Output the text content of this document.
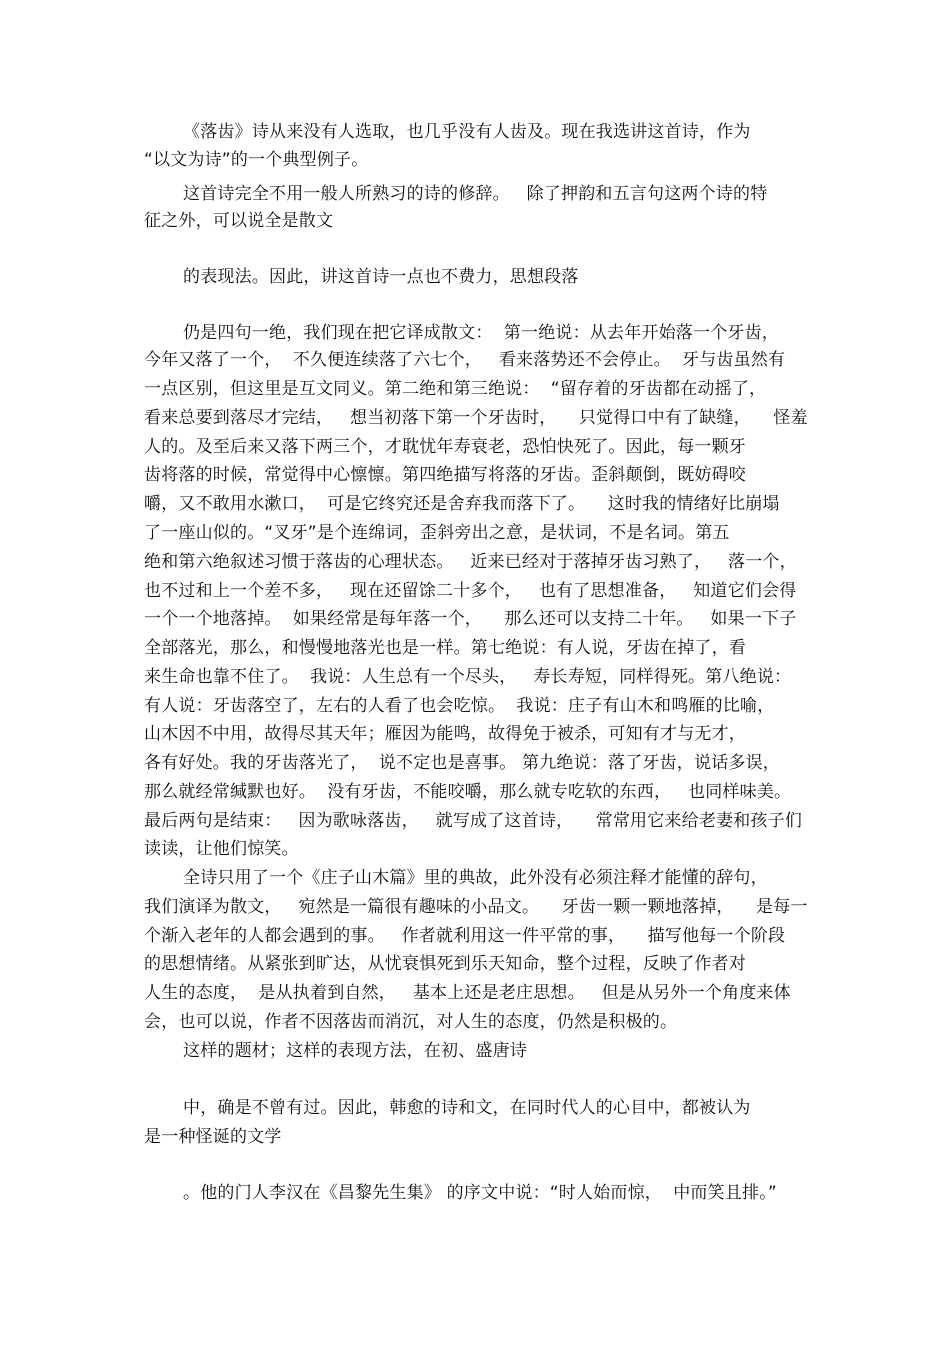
《落齿》诗从来没有人选取，也几乎没有人齿及。现在我选讲这首诗，作为
“以文为诗”的一个典型例子。
这首诗完全不用一般人所熟习的诗的修辞。   除了押韵和五言句这两个诗的特
征之外，可以说全是散文
的表现法。因此，讲这首诗一点也不费力，思想段落
仍是四句一绝，我们现在把它译成散文：  第一绝说：从去年开始落一个牙齿，
今年又落了一个，  不久便连续落了六七个，   看来落势还不会停止。  牙与齿虽然有
一点区别，但这里是互文同义。第二绝和第三绝说：  “留存着的牙齿都在动摇了，
看来总要到落尽才完结，   想当初落下第一个牙齿时，    只觉得口中有了缺缝，    怪羞
人的。及至后来又落下两三个，才耽忧年寿衰老，恐怕快死了。因此，每一颗牙
齿将落的时候，常觉得中心懔懔。第四绝描写将落的牙齿。歪斜颠倒，既妨碍咬
嚼，又不敢用水漱口，  可是它终究还是舍弃我而落下了。    这时我的情绪好比崩塌
了一座山似的。“叉牙”是个连绵词，歪斜旁出之意，是状词，不是名词。第五
绝和第六绝叙述习惯于落齿的心理状态。   近来已经对于落掉牙齿习熟了，   落一个，
也不过和上一个差不多，   现在还留馀二十多个，   也有了思想准备，   知道它们会得
一个一个地落掉。  如果经常是每年落一个，    那么还可以支持二十年。   如果一下子
全部落光，那么，和慢慢地落光也是一样。第七绝说：有人说，牙齿在掉了，看
来生命也靠不住了。  我说：人生总有一个尽头，   寿长寿短，同样得死。第八绝说：
有人说：牙齿落空了，左右的人看了也会吃惊。  我说：庄子有山木和鸣雁的比喻，
山木因不中用，故得尽其天年；雁因为能鸣，故得免于被杀，可知有才与无才，
各有好处。我的牙齿落光了，  说不定也是喜事。 第九绝说：落了牙齿，说话多误，
那么就经常缄默也好。  没有牙齿，不能咬嚼，那么就专吃软的东西，   也同样味美。
最后两句是结束：   因为歌咏落齿，   就写成了这首诗，    常常用它来给老妻和孩子们
读读，让他们惊笑。
全诗只用了一个《庄子山木篇》里的典故，此外没有必须注释才能懂的辞句，
我们演译为散文，   宛然是一篇很有趣味的小品文。    牙齿一颗一颗地落掉，    是每一
个渐入老年的人都会遇到的事。   作者就利用这一件平常的事，    描写他每一个阶段
的思想情绪。从紧张到旷达，从忧衰惧死到乐天知命，整个过程，反映了作者对
人生的态度，  是从执着到自然，   基本上还是老庄思想。   但是从另外一个角度来体
会，也可以说，作者不因落齿而消沉，对人生的态度，仍然是积极的。
这样的题材；这样的表现方法，在初、盛唐诗
中，确是不曾有过。因此，韩愈的诗和文，在同时代人的心目中，都被认为
是一种怪诞的文学
。他的门人李汉在《昌黎先生集》 的序文中说：“时人始而惊，  中而笑且排。”
